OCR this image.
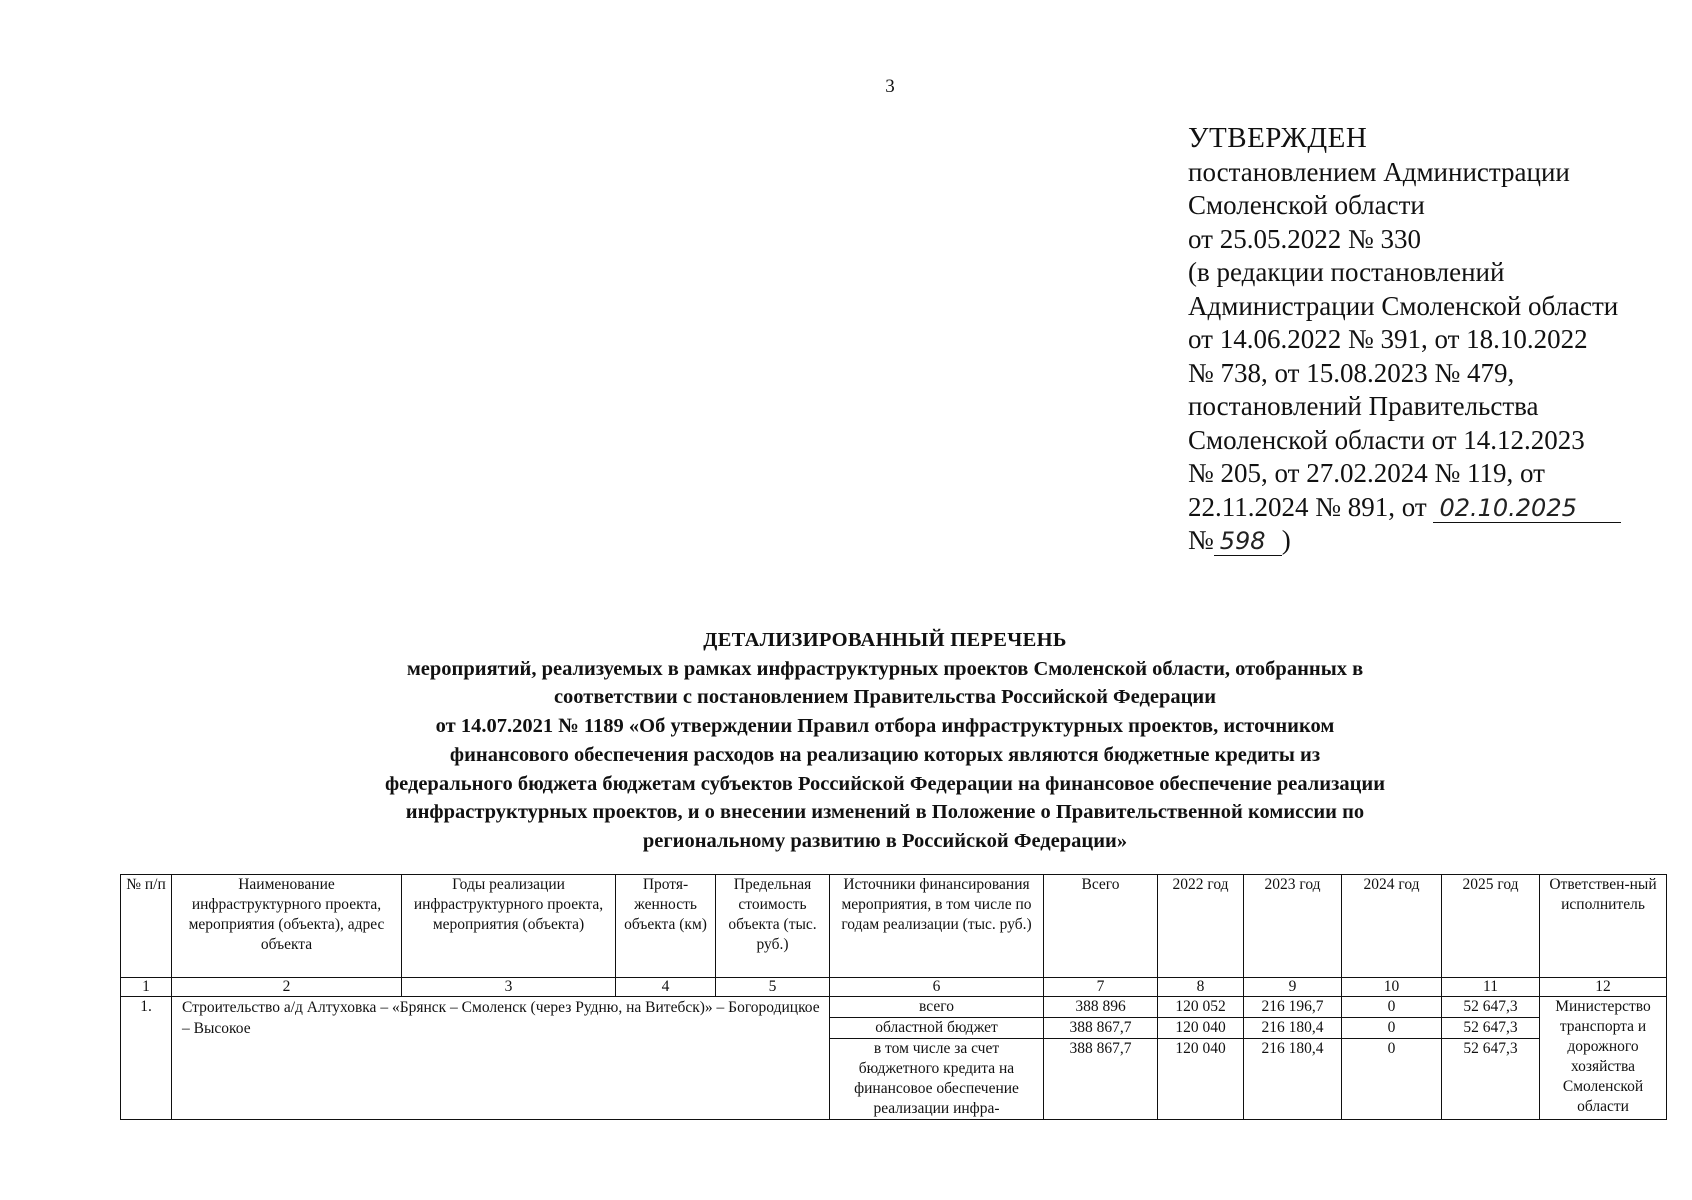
3
УТВЕРЖДЕН
постановлением Администрации
Смоленской области
от 25.05.2022 № 330
(в редакции постановлений
Администрации Смоленской области
от 14.06.2022 № 391, от 18.10.2022
№ 738, от 15.08.2023 № 479,
постановлений Правительства
Смоленской области от 14.12.2023
№ 205, от 27.02.2024 № 119, от
22.11.2024 № 891, от 02.10.2025
№ 598 )
ДЕТАЛИЗИРОВАННЫЙ ПЕРЕЧЕНЬ
мероприятий, реализуемых в рамках инфраструктурных проектов Смоленской области, отобранных в
соответствии с постановлением Правительства Российской Федерации
от 14.07.2021 № 1189 «Об утверждении Правил отбора инфраструктурных проектов, источником
финансового обеспечения расходов на реализацию которых являются бюджетные кредиты из
федерального бюджета бюджетам субъектов Российской Федерации на финансовое обеспечение реализации
инфраструктурных проектов, и о внесении изменений в Положение о Правительственной комиссии по
региональному развитию в Российской Федерации»
№ п/п	Наименование инфраструктурного проекта, мероприятия (объекта), адрес объекта	Годы реализации инфраструктурного проекта, мероприятия (объекта)	Протя-женность объекта (км)	Предельная стоимость объекта (тыс. руб.)	Источники финансирования мероприятия, в том числе по годам реализации (тыс. руб.)	Всего	2022 год	2023 год	2024 год	2025 год	Ответствен-ный исполнитель
1	2	3	4	5	6	7	8	9	10	11	12
1.	Строительство а/д Алтуховка – «Брянск – Смоленск (через Рудню, на Витебск)» – Богородицкое – Высокое				всего	388 896	120 052	216 196,7	0	52 647,3	Министерство транспорта и дорожного хозяйства Смоленской области
					областной бюджет	388 867,7	120 040	216 180,4	0	52 647,3	
					в том числе за счет бюджетного кредита на финансовое обеспечение реализации инфра-	388 867,7	120 040	216 180,4	0	52 647,3	
